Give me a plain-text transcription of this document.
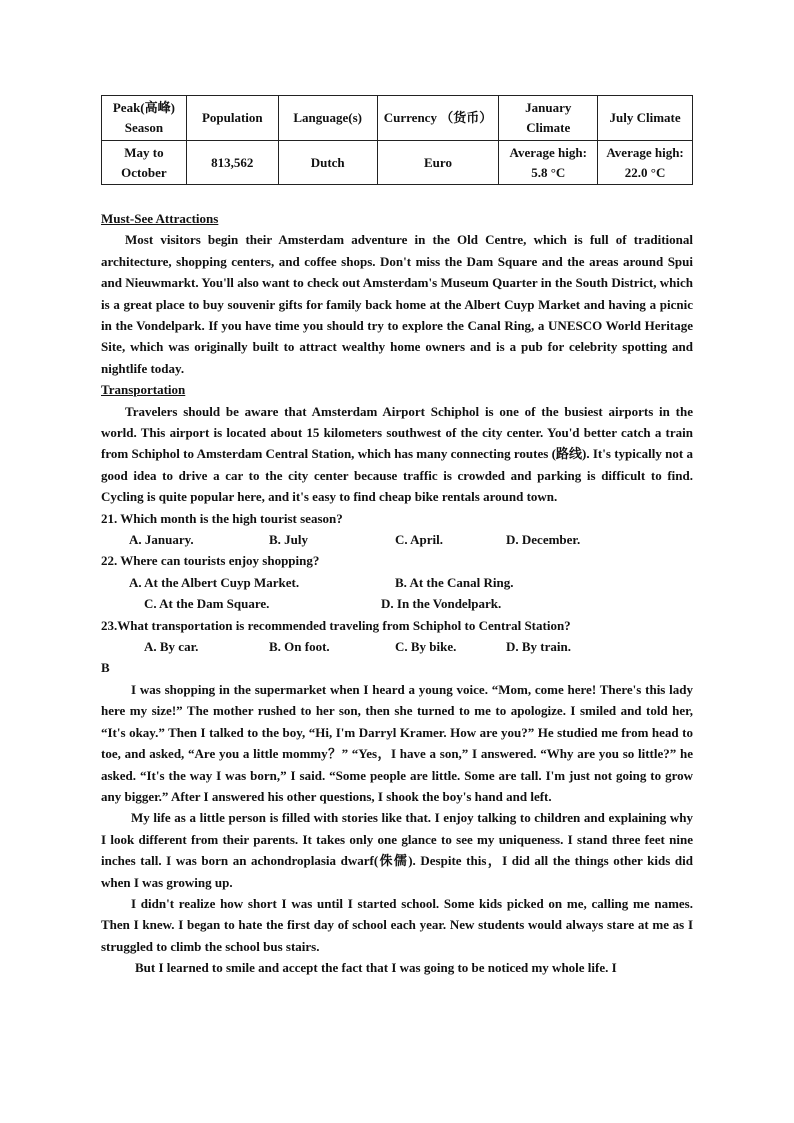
Peak(高峰) Season	Population	Language(s)	Currency （货币）	January Climate	July Climate
May to October	813,562	Dutch	Euro	Average high: 5.8 °C	Average high: 22.0 °C

Must-See Attractions

Most visitors begin their Amsterdam adventure in the Old Centre, which is full of traditional architecture, shopping centers, and coffee shops. Don't miss the Dam Square and the areas around Spui and Nieuwmarkt. You'll also want to check out Amsterdam's Museum Quarter in the South District, which is a great place to buy souvenir gifts for family back home at the Albert Cuyp Market and having a picnic in the Vondelpark. If you have time you should try to explore the Canal Ring, a UNESCO World Heritage Site, which was originally built to attract wealthy home owners and is a pub for celebrity spotting and nightlife today.

Transportation

Travelers should be aware that Amsterdam Airport Schiphol is one of the busiest airports in the world. This airport is located about 15 kilometers southwest of the city center. You'd better catch a train from Schiphol to Amsterdam Central Station, which has many connecting routes (路线). It's typically not a good idea to drive a car to the city center because traffic is crowded and parking is difficult to find. Cycling is quite popular here, and it's easy to find cheap bike rentals around town.

21. Which month is the high tourist season?

A. January.	B. July	C. April.	D. December.

22. Where can tourists enjoy shopping?

A. At the Albert Cuyp Market.	B. At the Canal Ring.
C. At the Dam Square.	D. In the Vondelpark.

23.What transportation is recommended traveling from Schiphol to Central Station?

A. By car.	B. On foot.	C. By bike.	D. By train.

B

I was shopping in the supermarket when I heard a young voice. “Mom, come here! There's this lady here my size!” The mother rushed to her son, then she turned to me to apologize. I smiled and told her, “It's okay.” Then I talked to the boy, “Hi, I'm Darryl Kramer. How are you?” He studied me from head to toe, and asked, “Are you a little mommy？” “Yes，I have a son,” I answered. “Why are you so little?” he asked. “It's the way I was born,” I said. “Some people are little. Some are tall. I'm just not going to grow any bigger.” After I answered his other questions, I shook the boy's hand and left.

My life as a little person is filled with stories like that. I enjoy talking to children and explaining why I look different from their parents. It takes only one glance to see my uniqueness. I stand three feet nine inches tall. I was born an achondroplasia dwarf(侏儒). Despite this，I did all the things other kids did when I was growing up.

I didn't realize how short I was until I started school. Some kids picked on me, calling me names. Then I knew. I began to hate the first day of school each year. New students would always stare at me as I struggled to climb the school bus stairs.

But I learned to smile and accept the fact that I was going to be noticed my whole life. I
